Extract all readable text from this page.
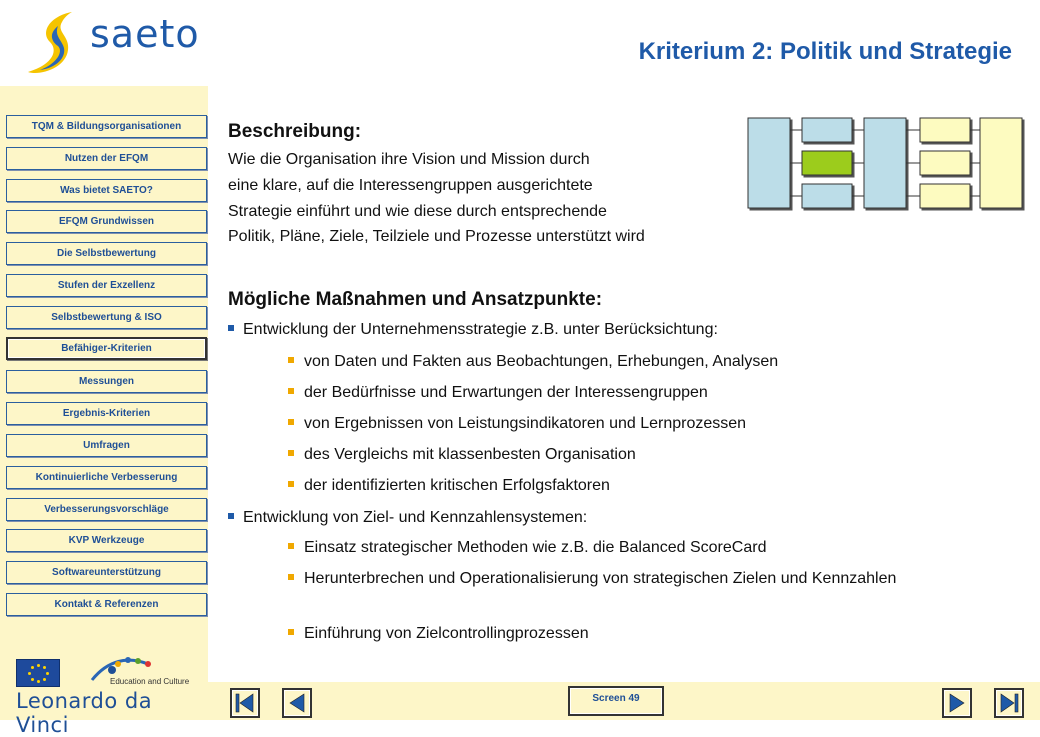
saeto	Kriterium 2: Politik und Strategie
TQM & Bildungsorganisationen
Nutzen der EFQM
Was bietet SAETO?
EFQM Grundwissen
Die Selbstbewertung
Stufen der Exzellenz
Selbstbewertung & ISO
Befähiger-Kriterien
Messungen
Ergebnis-Kriterien
Umfragen
Kontinuierliche Verbesserung
Verbesserungsvorschläge
KVP Werkzeuge
Softwareunterstützung
Kontakt & Referenzen
Education and Culture
Leonardo da Vinci
Beschreibung:
Wie die Organisation ihre Vision und Mission durch
eine klare, auf die Interessengruppen ausgerichtete
Strategie einführt und wie diese durch entsprechende
Politik, Pläne, Ziele, Teilziele und Prozesse unterstützt wird
Mögliche Maßnahmen und Ansatzpunkte:
Entwicklung der Unternehmensstrategie z.B. unter Berücksichtung:
von Daten und Fakten aus Beobachtungen, Erhebungen, Analysen
der Bedürfnisse und Erwartungen der Interessengruppen
von Ergebnissen von Leistungsindikatoren und Lernprozessen
des Vergleichs mit klassenbesten Organisation
der identifizierten kritischen Erfolgsfaktoren
Entwicklung von Ziel- und Kennzahlensystemen:
Einsatz strategischer Methoden wie z.B. die Balanced ScoreCard
Herunterbrechen und Operationalisierung von strategischen Zielen und Kennzahlen
Einführung von Zielcontrollingprozessen
Screen 49
